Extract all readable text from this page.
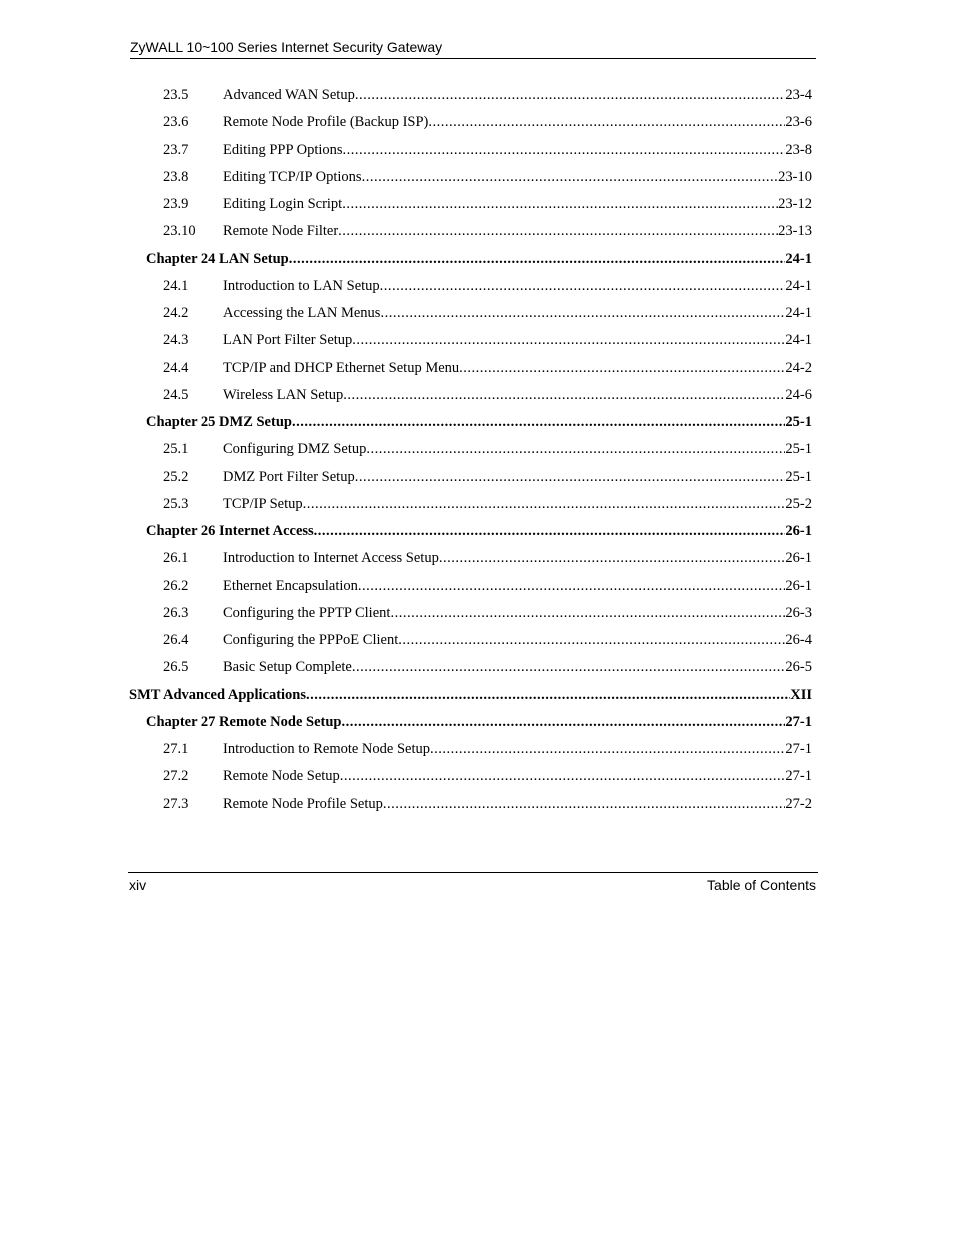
ZyWALL 10~100 Series Internet Security Gateway
23.5	Advanced WAN Setup .....	23-4
23.6	Remote Node Profile (Backup ISP) .....	23-6
23.7	Editing PPP Options .....	23-8
23.8	Editing TCP/IP Options .....	23-10
23.9	Editing Login Script .....	23-12
23.10	Remote Node Filter .....	23-13
Chapter 24 LAN Setup .....	24-1
24.1	Introduction to LAN Setup .....	24-1
24.2	Accessing the LAN Menus .....	24-1
24.3	LAN Port Filter Setup .....	24-1
24.4	TCP/IP and DHCP Ethernet Setup Menu .....	24-2
24.5	Wireless LAN Setup .....	24-6
Chapter 25 DMZ Setup .....	25-1
25.1	Configuring DMZ Setup .....	25-1
25.2	DMZ Port Filter Setup .....	25-1
25.3	TCP/IP Setup .....	25-2
Chapter 26 Internet Access .....	26-1
26.1	Introduction to Internet Access Setup .....	26-1
26.2	Ethernet Encapsulation .....	26-1
26.3	Configuring the PPTP Client .....	26-3
26.4	Configuring the PPPoE Client .....	26-4
26.5	Basic Setup Complete .....	26-5
SMT Advanced Applications .....	XII
Chapter 27 Remote Node Setup .....	27-1
27.1	Introduction to Remote Node Setup .....	27-1
27.2	Remote Node Setup .....	27-1
27.3	Remote Node Profile Setup .....	27-2
xiv	Table of Contents
